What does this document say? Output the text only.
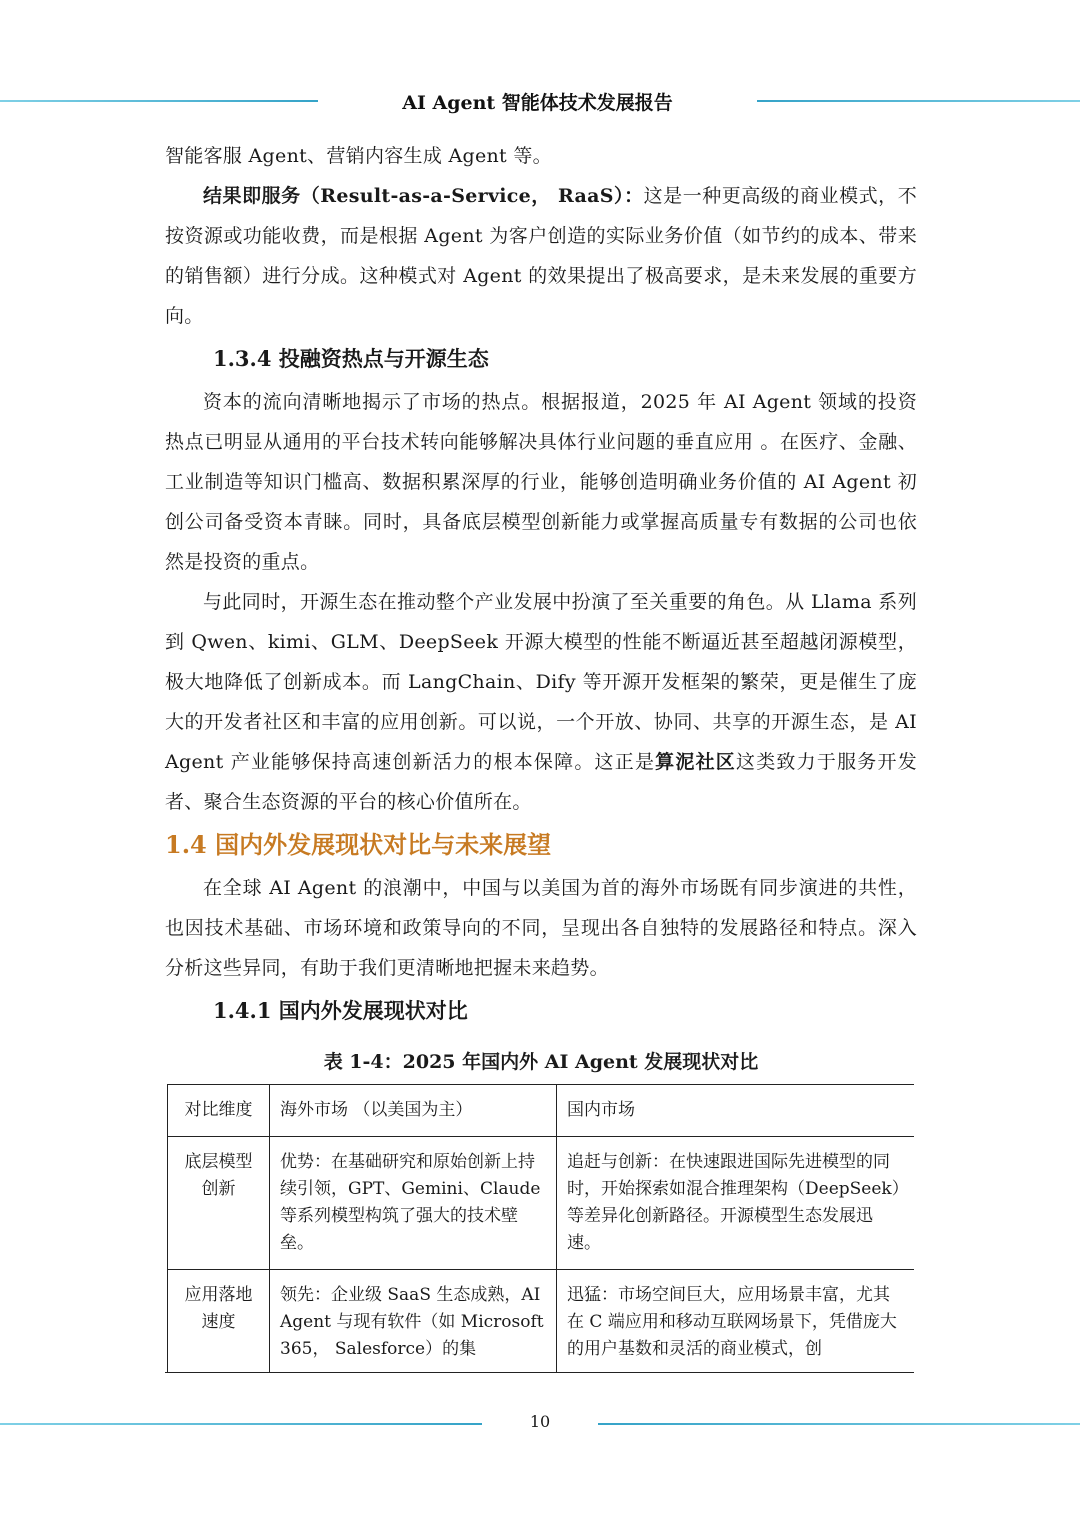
AI Agent 智能体技术发展报告

智能客服 Agent、营销内容生成 Agent 等。

结果即服务（Result-as-a-Service， RaaS）：这是一种更高级的商业模式，不按资源或功能收费，而是根据 Agent 为客户创造的实际业务价值（如节约的成本、带来的销售额）进行分成。这种模式对 Agent 的效果提出了极高要求，是未来发展的重要方向。

1.3.4 投融资热点与开源生态

资本的流向清晰地揭示了市场的热点。根据报道，2025 年 AI Agent 领域的投资热点已明显从通用的平台技术转向能够解决具体行业问题的垂直应用 。在医疗、金融、工业制造等知识门槛高、数据积累深厚的行业，能够创造明确业务价值的 AI Agent 初创公司备受资本青睐。同时，具备底层模型创新能力或掌握高质量专有数据的公司也依然是投资的重点。

与此同时，开源生态在推动整个产业发展中扮演了至关重要的角色。从 Llama 系列到 Qwen、kimi、GLM、DeepSeek 开源大模型的性能不断逼近甚至超越闭源模型，极大地降低了创新成本。而 LangChain、Dify 等开源开发框架的繁荣，更是催生了庞大的开发者社区和丰富的应用创新。可以说，一个开放、协同、共享的开源生态，是 AI Agent 产业能够保持高速创新活力的根本保障。这正是算泥社区这类致力于服务开发者、聚合生态资源的平台的核心价值所在。

1.4 国内外发展现状对比与未来展望

在全球 AI Agent 的浪潮中，中国与以美国为首的海外市场既有同步演进的共性，也因技术基础、市场环境和政策导向的不同，呈现出各自独特的发展路径和特点。深入分析这些异同，有助于我们更清晰地把握未来趋势。

1.4.1 国内外发展现状对比
表 1-4：2025 年国内外 AI Agent 发展现状对比
对比维度	海外市场 （以美国为主）	国内市场
底层模型创新	优势：在基础研究和原始创新上持续引领，GPT、Gemini、Claude 等系列模型构筑了强大的技术壁垒。	追赶与创新：在快速跟进国际先进模型的同时，开始探索如混合推理架构（DeepSeek）等差异化创新路径。开源模型生态发展迅速。
应用落地速度	领先：企业级 SaaS 生态成熟，AI Agent 与现有软件（如 Microsoft 365， Salesforce）的集	迅猛：市场空间巨大，应用场景丰富，尤其在 C 端应用和移动互联网场景下，凭借庞大的用户基数和灵活的商业模式，创
10
